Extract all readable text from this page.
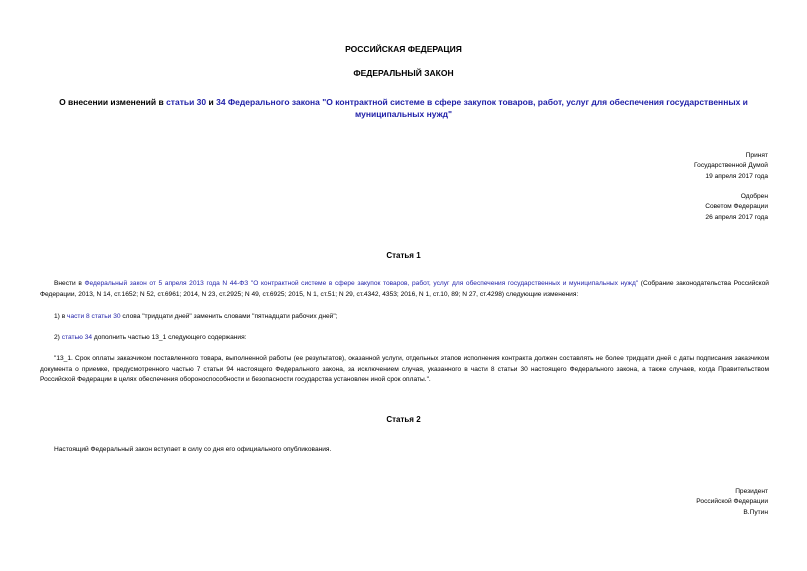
РОССИЙСКАЯ ФЕДЕРАЦИЯ
ФЕДЕРАЛЬНЫЙ ЗАКОН
О внесении изменений в статьи 30 и 34 Федерального закона "О контрактной системе в сфере закупок товаров, работ, услуг для обеспечения государственных и муниципальных нужд"
Принят
Государственной Думой
19 апреля 2017 года
Одобрен
Советом Федерации
26 апреля 2017 года
Статья 1
Внести в Федеральный закон от 5 апреля 2013 года N 44-ФЗ "О контрактной системе в сфере закупок товаров, работ, услуг для обеспечения государственных и муниципальных нужд" (Собрание законодательства Российской Федерации, 2013, N 14, ст.1652; N 52, ст.6961; 2014, N 23, ст.2925; N 49, ст.6925; 2015, N 1, ст.51; N 29, ст.4342, 4353; 2016, N 1, ст.10, 89; N 27, ст.4298) следующие изменения:
1) в части 8 статьи 30 слова "тридцати дней" заменить словами "пятнадцати рабочих дней";
2) статью 34 дополнить частью 13_1 следующего содержания:
"13_1. Срок оплаты заказчиком поставленного товара, выполненной работы (ее результатов), оказанной услуги, отдельных этапов исполнения контракта должен составлять не более тридцати дней с даты подписания заказчиком документа о приемке, предусмотренного частью 7 статьи 94 настоящего Федерального закона, за исключением случая, указанного в части 8 статьи 30 настоящего Федерального закона, а также случаев, когда Правительством Российской Федерации в целях обеспечения обороноспособности и безопасности государства установлен иной срок оплаты.".
Статья 2
Настоящий Федеральный закон вступает в силу со дня его официального опубликования.
Президент
Российской Федерации
В.Путин
